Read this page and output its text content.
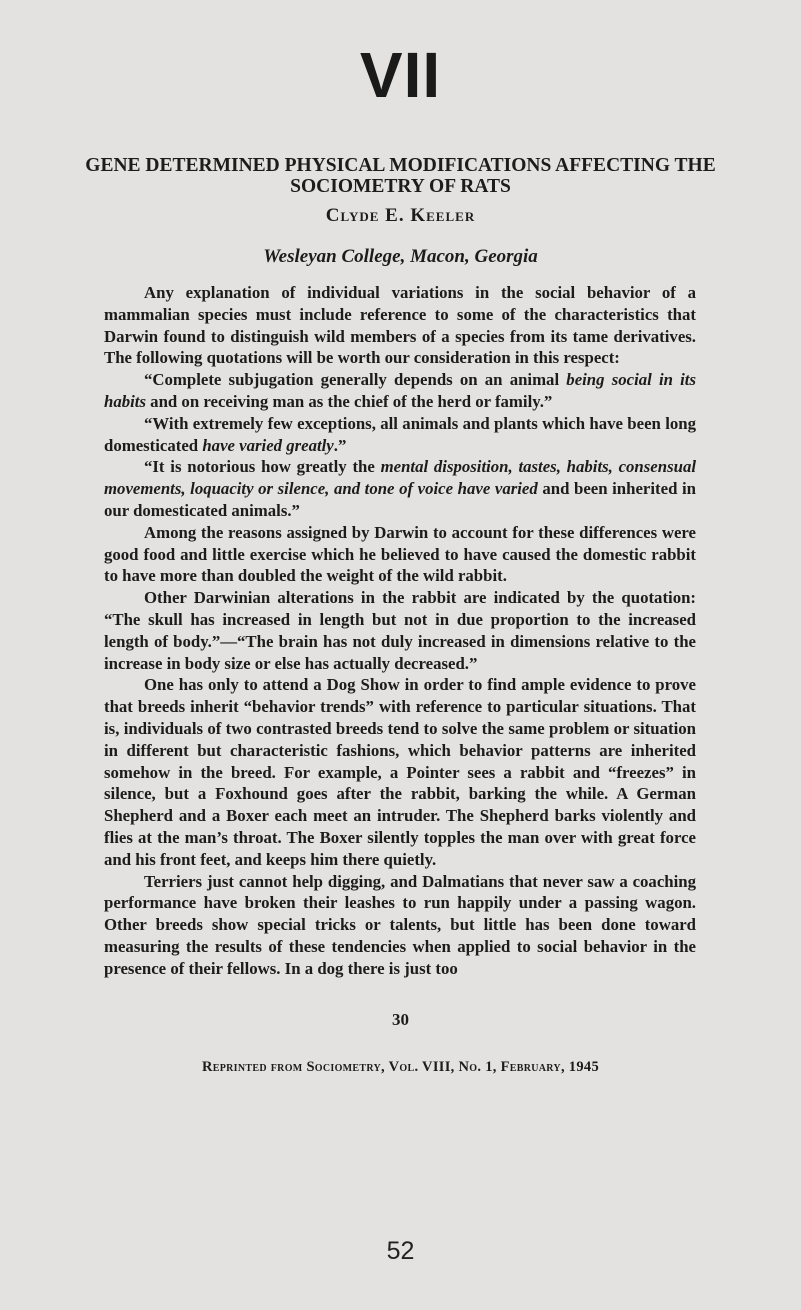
VII
GENE DETERMINED PHYSICAL MODIFICATIONS AFFECTING THE SOCIOMETRY OF RATS
Clyde E. Keeler
Wesleyan College, Macon, Georgia

Any explanation of individual variations in the social behavior of a mammalian species must include reference to some of the characteristics that Darwin found to distinguish wild members of a species from its tame derivatives. The following quotations will be worth our consideration in this respect:

“Complete subjugation generally depends on an animal being social in its habits and on receiving man as the chief of the herd or family.”

“With extremely few exceptions, all animals and plants which have been long domesticated have varied greatly.”

“It is notorious how greatly the mental disposition, tastes, habits, consensual movements, loquacity or silence, and tone of voice have varied and been inherited in our domesticated animals.”

Among the reasons assigned by Darwin to account for these differences were good food and little exercise which he believed to have caused the domestic rabbit to have more than doubled the weight of the wild rabbit.

Other Darwinian alterations in the rabbit are indicated by the quotation: “The skull has increased in length but not in due proportion to the increased length of body.”—“The brain has not duly increased in dimensions relative to the increase in body size or else has actually decreased.”

One has only to attend a Dog Show in order to find ample evidence to prove that breeds inherit “behavior trends” with reference to particular situations. That is, individuals of two contrasted breeds tend to solve the same problem or situation in different but characteristic fashions, which behavior patterns are inherited somehow in the breed. For example, a Pointer sees a rabbit and “freezes” in silence, but a Foxhound goes after the rabbit, barking the while. A German Shepherd and a Boxer each meet an intruder. The Shepherd barks violently and flies at the man’s throat. The Boxer silently topples the man over with great force and his front feet, and keeps him there quietly.

Terriers just cannot help digging, and Dalmatians that never saw a coaching performance have broken their leashes to run happily under a passing wagon. Other breeds show special tricks or talents, but little has been done toward measuring the results of these tendencies when applied to social behavior in the presence of their fellows. In a dog there is just too

30
Reprinted from Sociometry, Vol. VIII, No. 1, February, 1945
52
